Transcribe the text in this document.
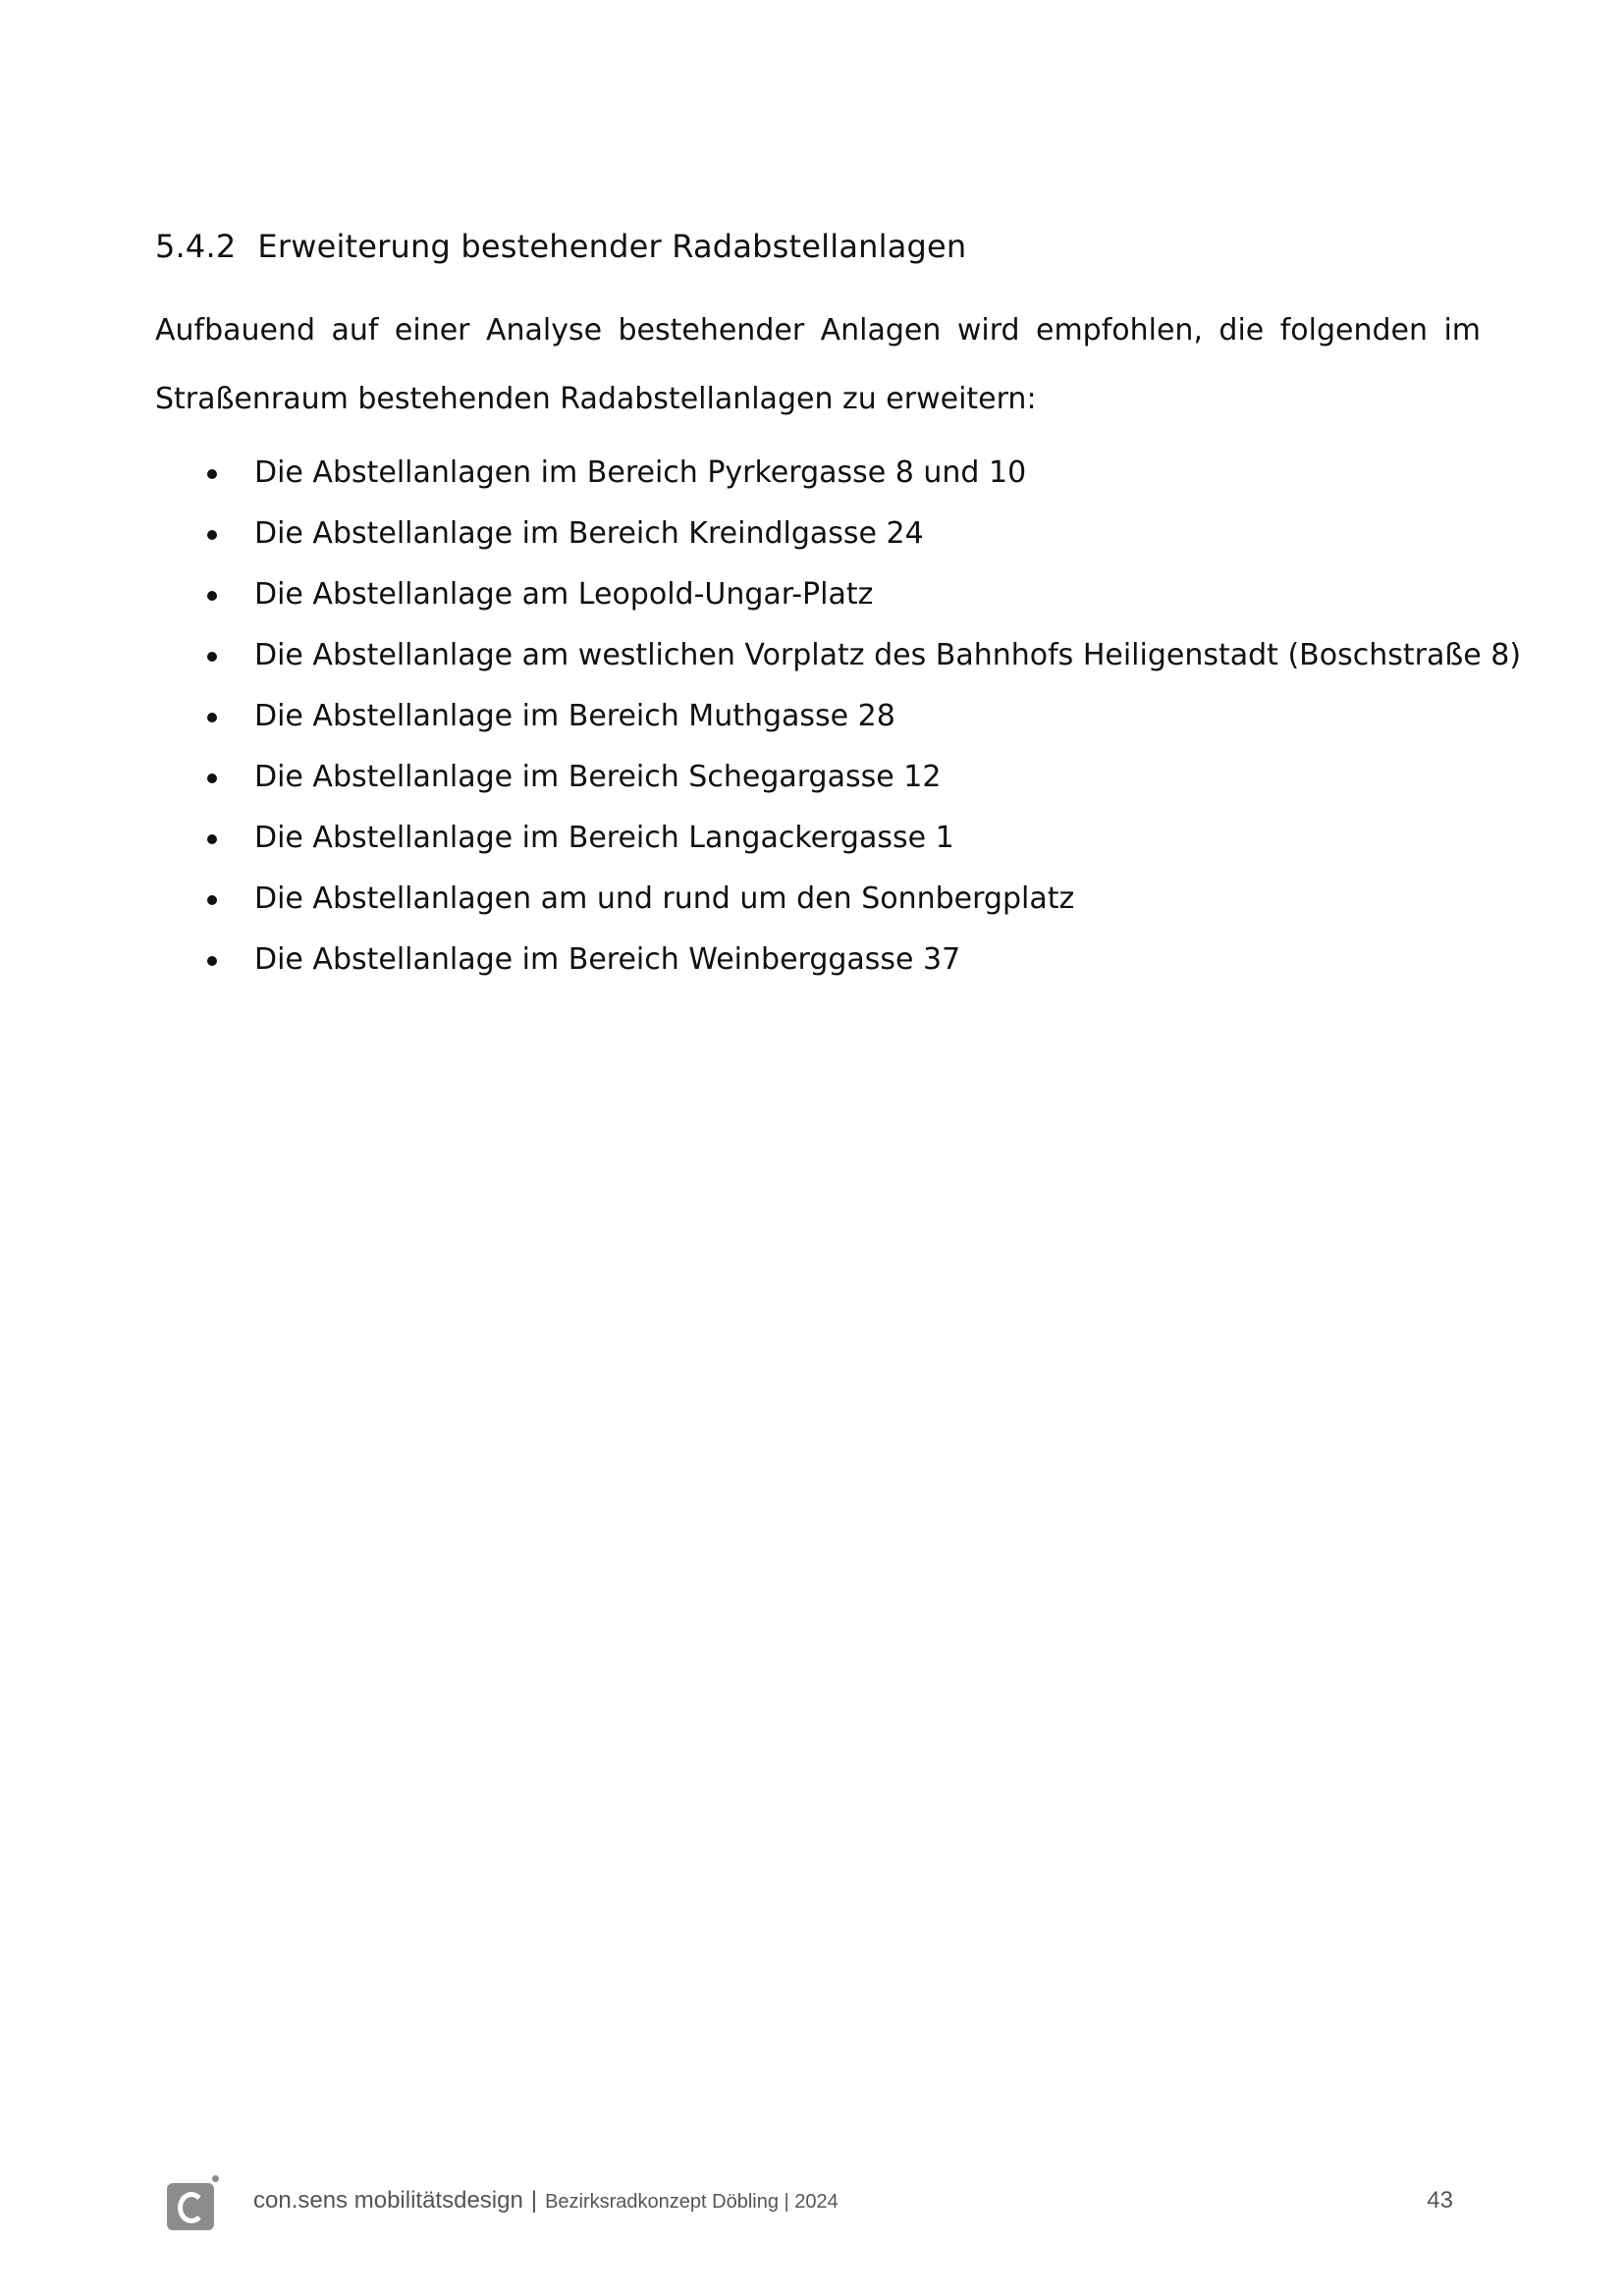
5.4.2 Erweiterung bestehender Radabstellanlagen

Aufbauend auf einer Analyse bestehender Anlagen wird empfohlen, die folgenden im
Straßenraum bestehenden Radabstellanlagen zu erweitern:

Die Abstellanlagen im Bereich Pyrkergasse 8 und 10
Die Abstellanlage im Bereich Kreindlgasse 24
Die Abstellanlage am Leopold-Ungar-Platz
Die Abstellanlage am westlichen Vorplatz des Bahnhofs Heiligenstadt (Boschstraße 8)
Die Abstellanlage im Bereich Muthgasse 28
Die Abstellanlage im Bereich Schegargasse 12
Die Abstellanlage im Bereich Langackergasse 1
Die Abstellanlagen am und rund um den Sonnbergplatz
Die Abstellanlage im Bereich Weinberggasse 37
con.sens mobilitätsdesign | Bezirksradkonzept Döbling | 2024	43
